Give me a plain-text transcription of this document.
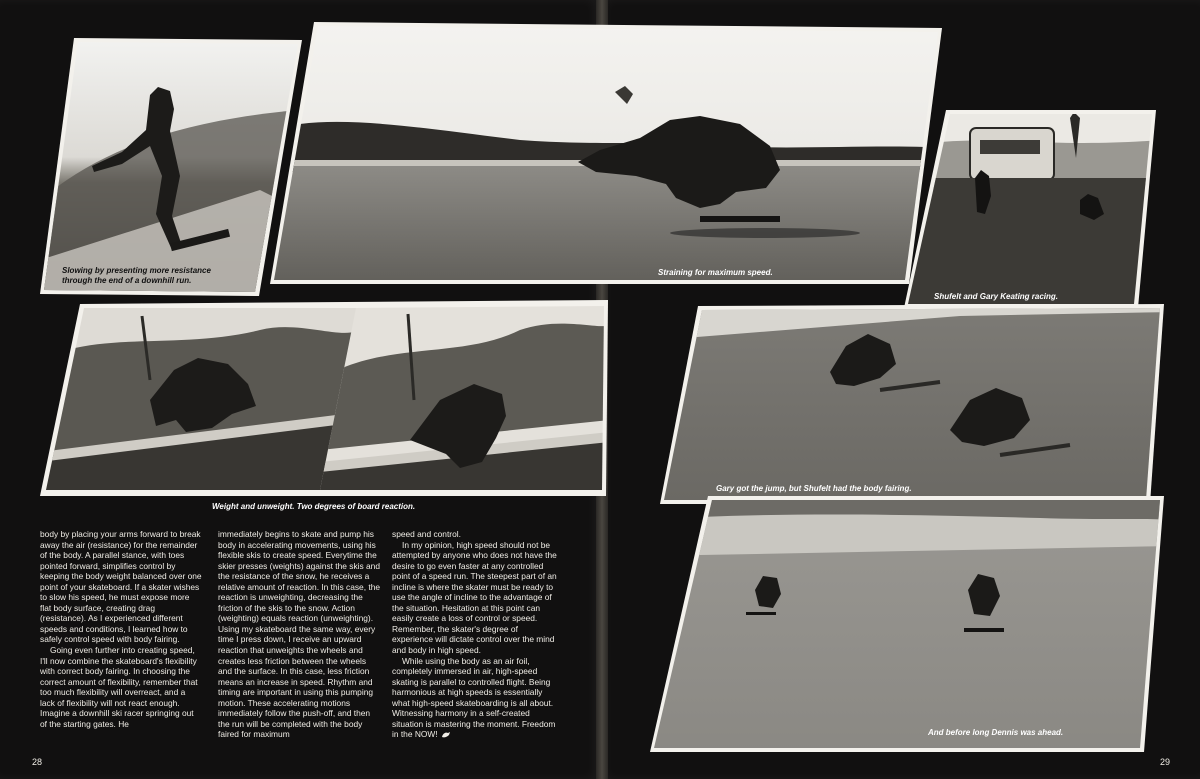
Slowing by presenting more resistance through the end of a downhill run.

Straining for maximum speed.

Shufelt and Gary Keating racing.

Weight and unweight. Two degrees of board reaction.

Gary got the jump, but Shufelt had the body fairing.

And before long Dennis was ahead.

body by placing your arms forward to break away the air (resistance) for the remainder of the body. A parallel stance, with toes pointed forward, simplifies control by keeping the body weight balanced over one point of your skateboard. If a skater wishes to slow his speed, he must expose more flat body surface, creating drag (resistance). As I experienced different speeds and conditions, I learned how to safely control speed with body fairing.

Going even further into creating speed, I'll now combine the skateboard's flexibility with correct body fairing. In choosing the correct amount of flexibility, remember that too much flexibility will overreact, and a lack of flexibility will not react enough. Imagine a downhill ski racer springing out of the starting gates. He

immediately begins to skate and pump his body in accelerating movements, using his flexible skis to create speed. Everytime the skier presses (weights) against the skis and the resistance of the snow, he receives a relative amount of reaction. In this case, the reaction is unweighting, decreasing the friction of the skis to the snow. Action (weighting) equals reaction (unweighting). Using my skateboard the same way, every time I press down, I receive an upward reaction that unweights the wheels and creates less friction between the wheels and the surface. In this case, less friction means an increase in speed. Rhythm and timing are important in using this pumping motion. These accelerating motions immediately follow the push-off, and then the run will be completed with the body faired for maximum

speed and control.

In my opinion, high speed should not be attempted by anyone who does not have the desire to go even faster at any controlled point of a speed run. The steepest part of an incline is where the skater must be ready to use the angle of incline to the advantage of the situation. Hesitation at this point can easily create a loss of control or speed. Remember, the skater's degree of experience will dictate control over the mind and body in high speed.

While using the body as an air foil, completely immersed in air, high-speed skating is parallel to controlled flight. Being harmonious at high speeds is essentially what high-speed skateboarding is all about. Witnessing harmony in a self-created situation is mastering the moment. Freedom in the NOW!

28	29
